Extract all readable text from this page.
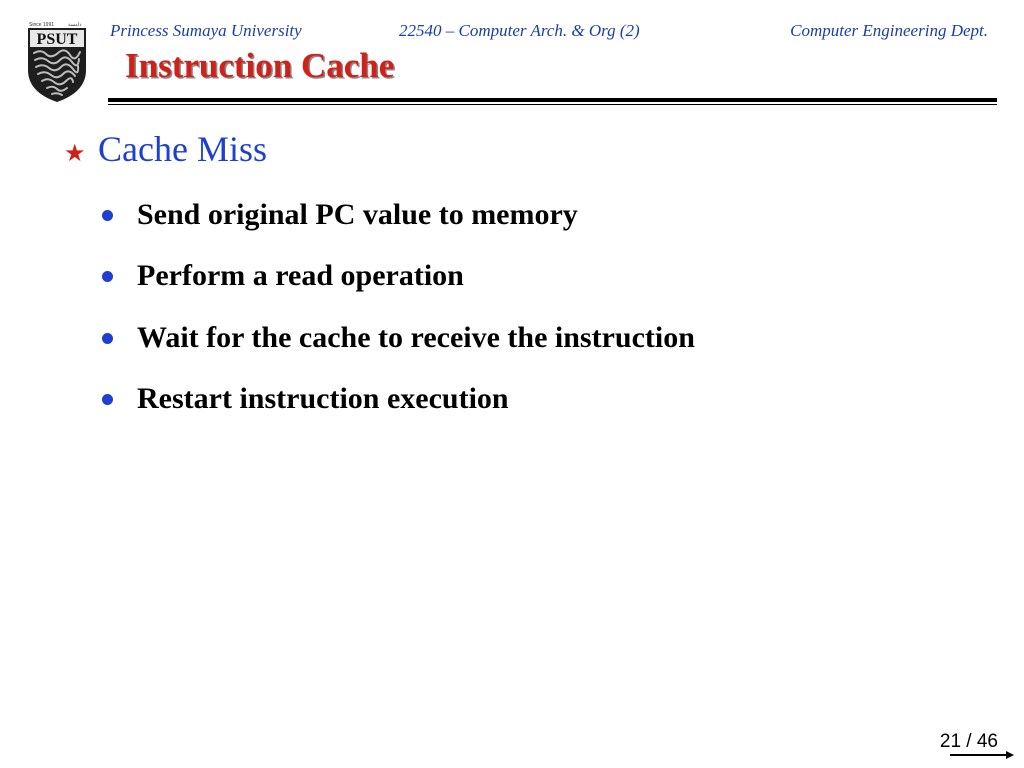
Since 1991	دامسة
PSUT Princess Sumaya University	22540 – Computer Arch. & Org (2)	Computer Engineering Dept.
Instruction Cache
★ Cache Miss
Send original PC value to memory
Perform a read operation
Wait for the cache to receive the instruction
Restart instruction execution
21 / 46
